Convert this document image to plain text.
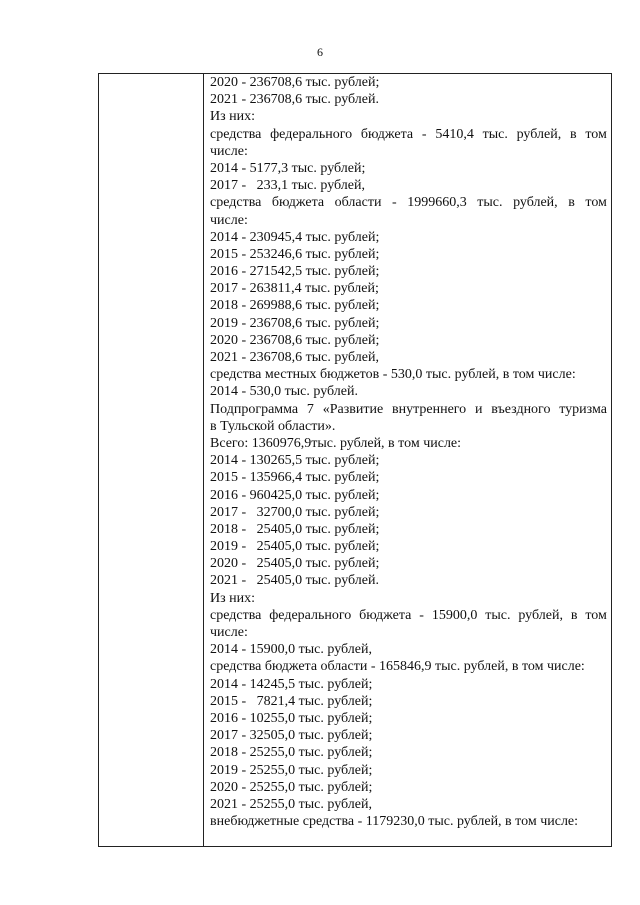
6
2020 - 236708,6 тыс. рублей;
2021 - 236708,6 тыс. рублей.
Из них:
средства федерального бюджета - 5410,4 тыс. рублей, в том
числе:
2014 - 5177,3 тыс. рублей;
2017 -   233,1 тыс. рублей,
средства бюджета области - 1999660,3 тыс. рублей, в том
числе:
2014 - 230945,4 тыс. рублей;
2015 - 253246,6 тыс. рублей;
2016 - 271542,5 тыс. рублей;
2017 - 263811,4 тыс. рублей;
2018 - 269988,6 тыс. рублей;
2019 - 236708,6 тыс. рублей;
2020 - 236708,6 тыс. рублей;
2021 - 236708,6 тыс. рублей,
средства местных бюджетов - 530,0 тыс. рублей, в том числе:
2014 - 530,0 тыс. рублей.
Подпрограмма 7 «Развитие внутреннего и въездного туризма
в Тульской области».
Всего: 1360976,9тыс. рублей, в том числе:
2014 - 130265,5 тыс. рублей;
2015 - 135966,4 тыс. рублей;
2016 - 960425,0 тыс. рублей;
2017 -   32700,0 тыс. рублей;
2018 -   25405,0 тыс. рублей;
2019 -   25405,0 тыс. рублей;
2020 -   25405,0 тыс. рублей;
2021 -   25405,0 тыс. рублей.
Из них:
средства федерального бюджета - 15900,0 тыс. рублей, в том
числе:
2014 - 15900,0 тыс. рублей,
средства бюджета области - 165846,9 тыс. рублей, в том числе:
2014 - 14245,5 тыс. рублей;
2015 -   7821,4 тыс. рублей;
2016 - 10255,0 тыс. рублей;
2017 - 32505,0 тыс. рублей;
2018 - 25255,0 тыс. рублей;
2019 - 25255,0 тыс. рублей;
2020 - 25255,0 тыс. рублей;
2021 - 25255,0 тыс. рублей,
внебюджетные средства - 1179230,0 тыс. рублей, в том числе:
